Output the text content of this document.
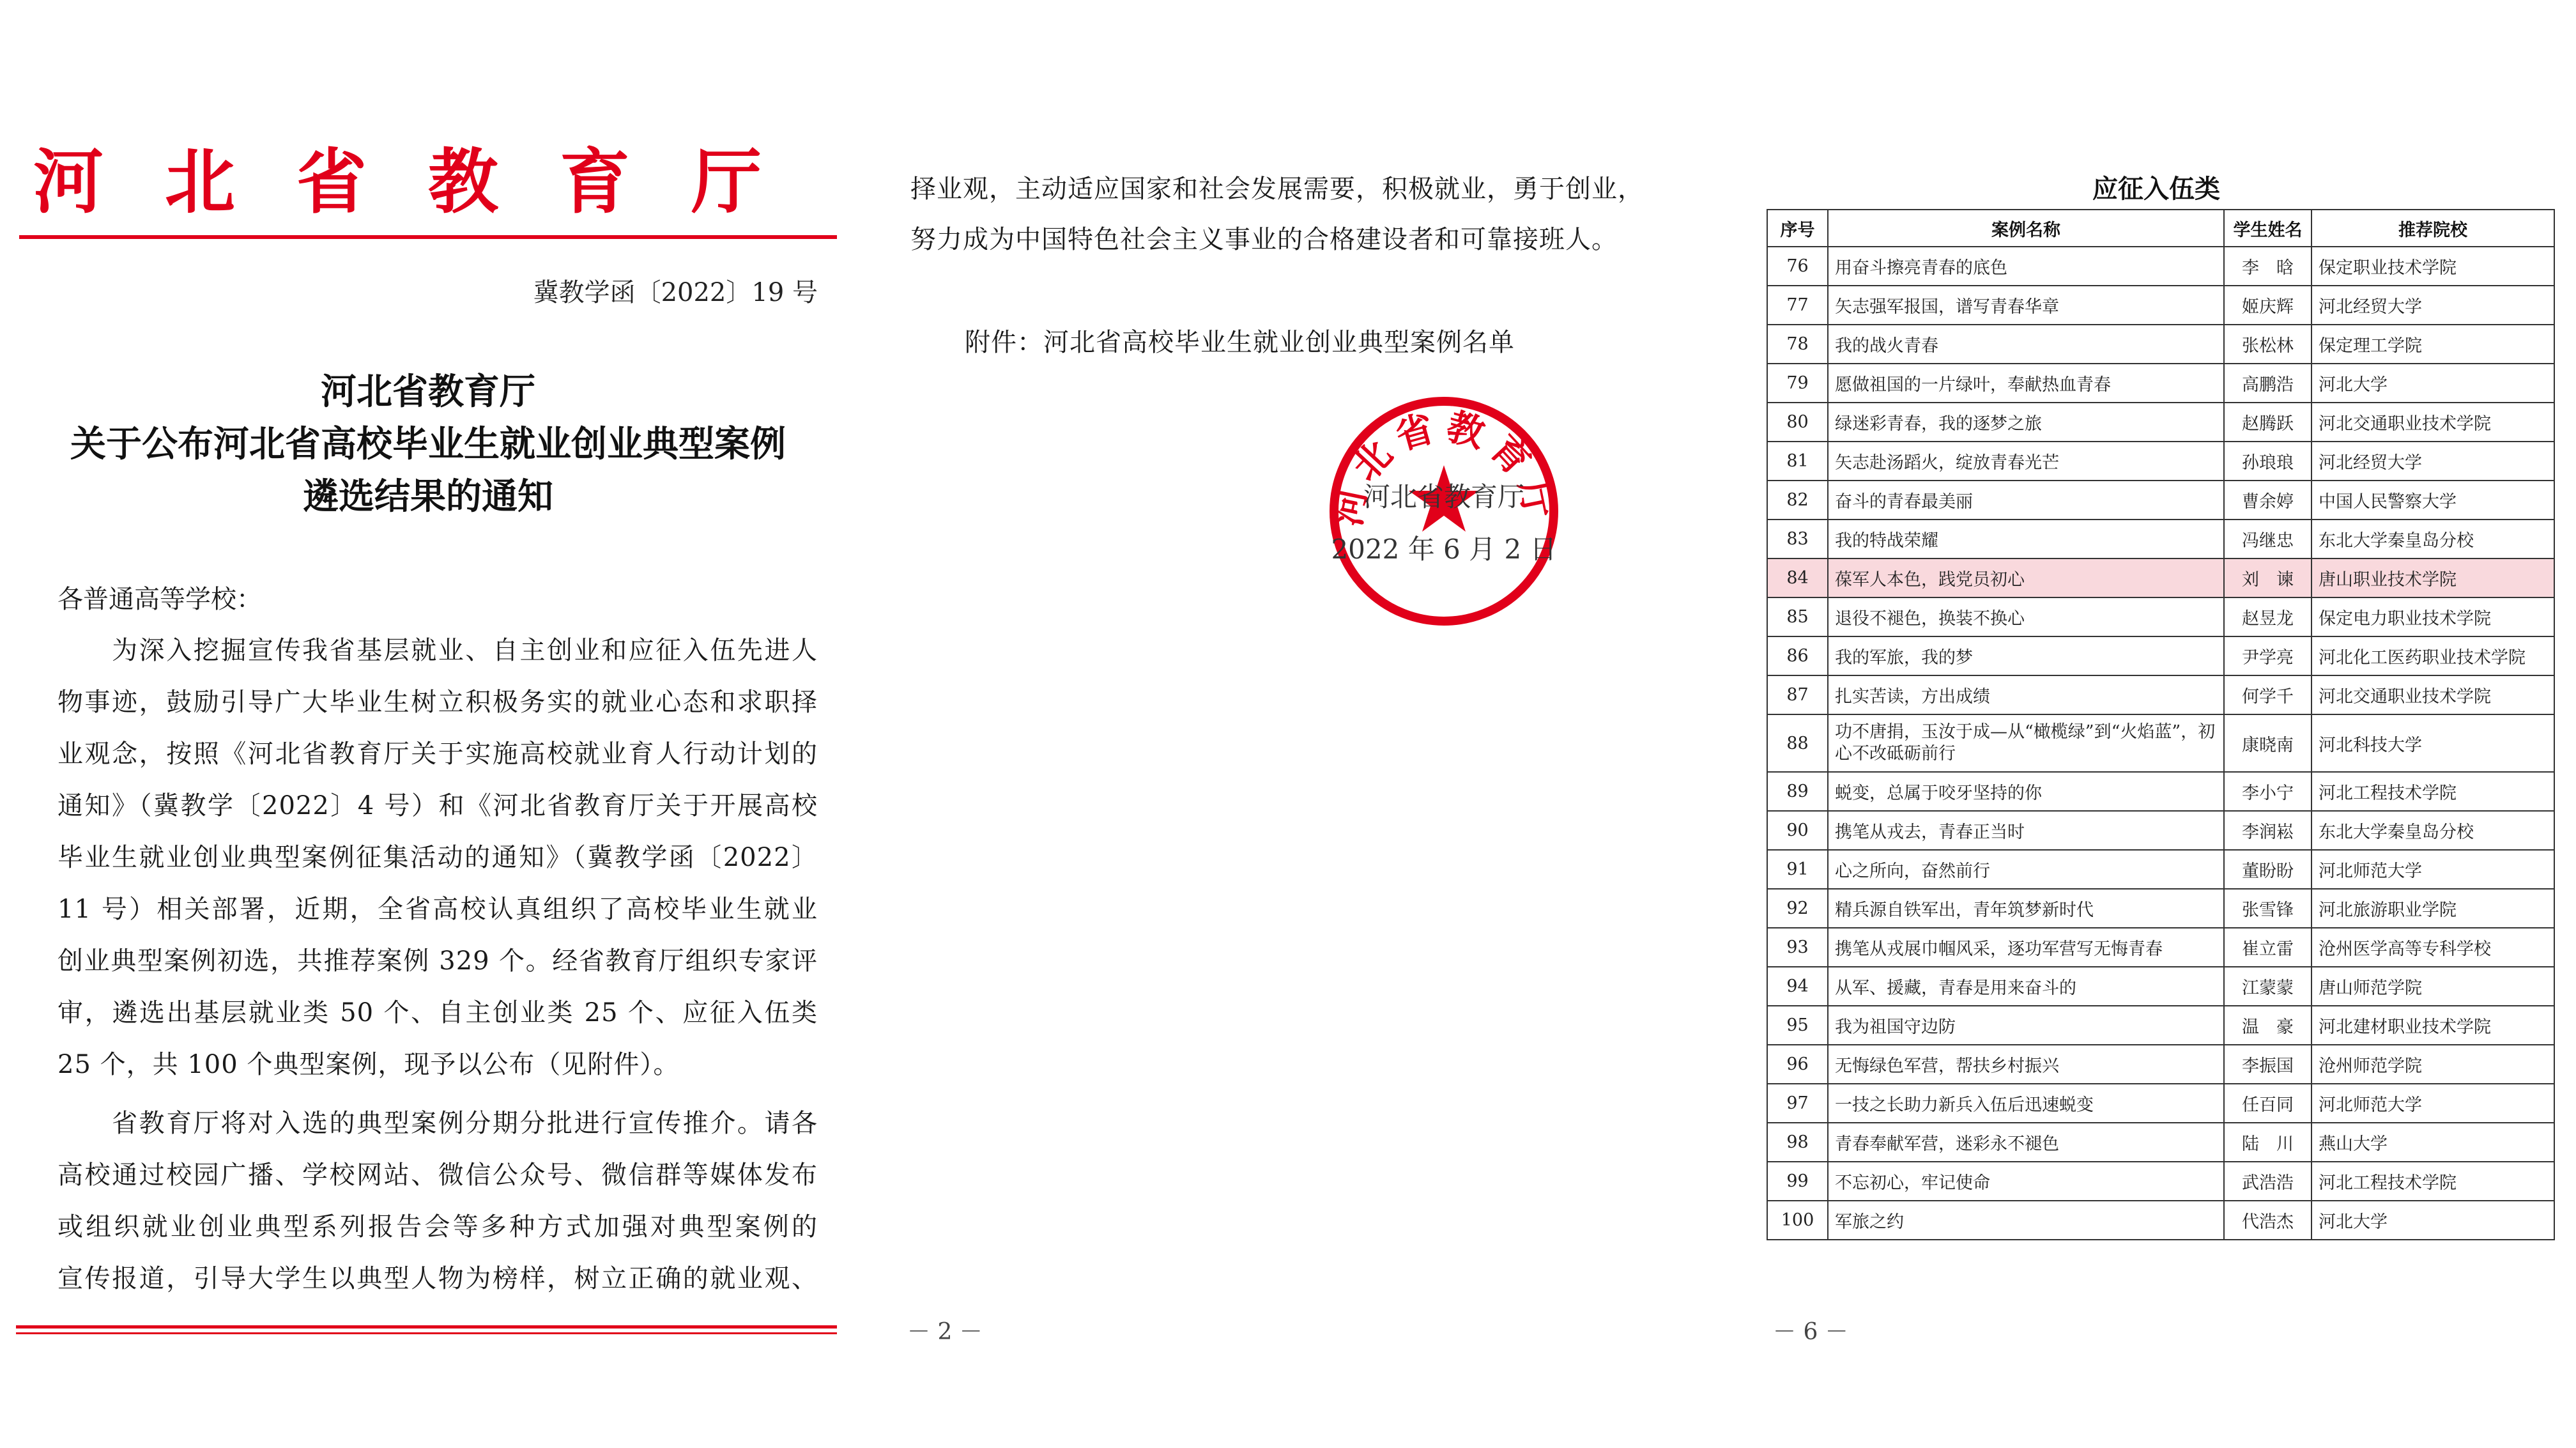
河北省教育厅
冀教学函〔2022〕19 号
河北省教育厅
关于公布河北省高校毕业生就业创业典型案例
遴选结果的通知
各普通高等学校：
　　为深入挖掘宣传我省基层就业、自主创业和应征入伍先进人
物事迹，鼓励引导广大毕业生树立积极务实的就业心态和求职择
业观念，按照《河北省教育厅关于实施高校就业育人行动计划的
通知》（冀教学〔2022〕4 号）和《河北省教育厅关于开展高校
毕业生就业创业典型案例征集活动的通知》（冀教学函〔2022〕
11 号）相关部署，近期，全省高校认真组织了高校毕业生就业
创业典型案例初选，共推荐案例 329 个。经省教育厅组织专家评
审，遴选出基层就业类 50 个、自主创业类 25 个、应征入伍类
25 个，共 100 个典型案例，现予以公布（见附件）。
　　省教育厅将对入选的典型案例分期分批进行宣传推介。请各
高校通过校园广播、学校网站、微信公众号、微信群等媒体发布
或组织就业创业典型系列报告会等多种方式加强对典型案例的
宣传报道，引导大学生以典型人物为榜样，树立正确的就业观、
择业观，主动适应国家和社会发展需要，积极就业，勇于创业，
努力成为中国特色社会主义事业的合格建设者和可靠接班人。
附件：河北省高校毕业生就业创业典型案例名单
河北省教育厅
河北省教育厅
2022 年 6 月 2 日
－ 2 －
应征入伍类
序号	案例名称	学生姓名	推荐院校
76	用奋斗擦亮青春的底色	李　晗	保定职业技术学院
77	矢志强军报国，谱写青春华章	姬庆辉	河北经贸大学
78	我的战火青春	张松林	保定理工学院
79	愿做祖国的一片绿叶，奉献热血青春	高鹏浩	河北大学
80	绿迷彩青春，我的逐梦之旅	赵腾跃	河北交通职业技术学院
81	矢志赴汤蹈火，绽放青春光芒	孙琅琅	河北经贸大学
82	奋斗的青春最美丽	曹余婷	中国人民警察大学
83	我的特战荣耀	冯继忠	东北大学秦皇岛分校
84	葆军人本色，践党员初心	刘　谏	唐山职业技术学院
85	退役不褪色，换装不换心	赵昱龙	保定电力职业技术学院
86	我的军旅，我的梦	尹学亮	河北化工医药职业技术学院
87	扎实苦读，方出成绩	何学千	河北交通职业技术学院
88	功不唐捐，玉汝于成—从“橄榄绿”到“火焰蓝”，初心不改砥砺前行	康晓南	河北科技大学
89	蜕变，总属于咬牙坚持的你	李小宁	河北工程技术学院
90	携笔从戎去，青春正当时	李润崧	东北大学秦皇岛分校
91	心之所向，奋然前行	董盼盼	河北师范大学
92	精兵源自铁军出，青年筑梦新时代	张雪锋	河北旅游职业学院
93	携笔从戎展巾帼风采，逐功军营写无悔青春	崔立雷	沧州医学高等专科学校
94	从军、援藏，青春是用来奋斗的	江蒙蒙	唐山师范学院
95	我为祖国守边防	温　豪	河北建材职业技术学院
96	无悔绿色军营，帮扶乡村振兴	李振国	沧州师范学院
97	一技之长助力新兵入伍后迅速蜕变	任百同	河北师范大学
98	青春奉献军营，迷彩永不褪色	陆　川	燕山大学
99	不忘初心，牢记使命	武浩浩	河北工程技术学院
100	军旅之约	代浩杰	河北大学
－ 6 －
